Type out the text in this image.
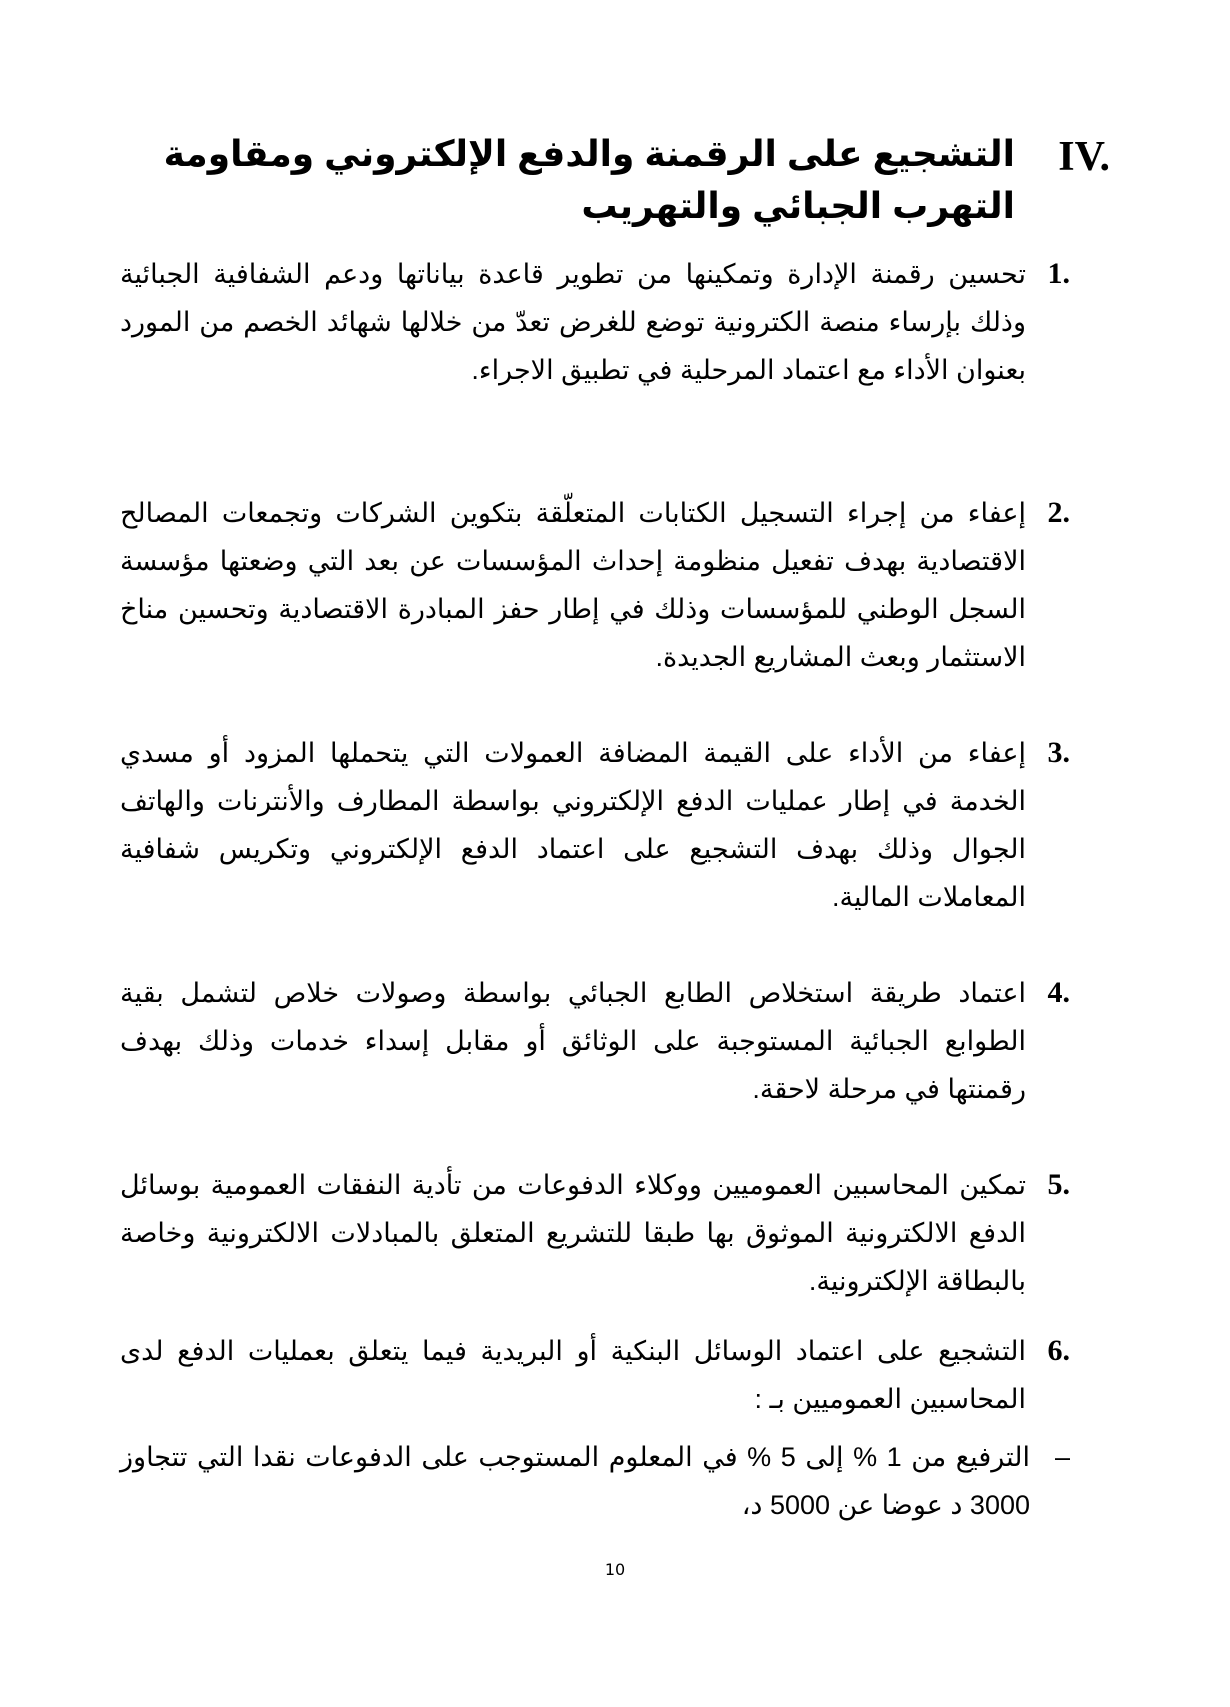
IV.
التشجيع على الرقمنة والدفع الإلكتروني ومقاومة التهرب الجبائي والتهريب
1.
تحسين رقمنة الإدارة وتمكينها من تطوير قاعدة بياناتها ودعم الشفافية الجبائية وذلك بإرساء منصة الكترونية توضع للغرض تعدّ من خلالها شهائد الخصم من المورد بعنوان الأداء مع اعتماد المرحلية في تطبيق الاجراء.
2.
إعفاء من إجراء التسجيل الكتابات المتعلّقة بتكوين الشركات وتجمعات المصالح الاقتصادية بهدف تفعيل منظومة إحداث المؤسسات عن بعد التي وضعتها مؤسسة السجل الوطني للمؤسسات وذلك في إطار حفز المبادرة الاقتصادية وتحسين مناخ الاستثمار وبعث المشاريع الجديدة.
3.
إعفاء من الأداء على القيمة المضافة العمولات التي يتحملها المزود أو مسدي الخدمة في إطار عمليات الدفع الإلكتروني بواسطة المطارف والأنترنات والهاتف الجوال وذلك بهدف التشجيع على اعتماد الدفع الإلكتروني وتكريس شفافية المعاملات المالية.
4.
اعتماد طريقة استخلاص الطابع الجبائي بواسطة وصولات خلاص لتشمل بقية الطوابع الجبائية المستوجبة على الوثائق أو مقابل إسداء خدمات وذلك بهدف رقمنتها في مرحلة لاحقة.
5.
تمكين المحاسبين العموميين ووكلاء الدفوعات من تأدية النفقات العمومية بوسائل الدفع الالكترونية الموثوق بها طبقا للتشريع المتعلق بالمبادلات الالكترونية وخاصة بالبطاقة الإلكترونية.
6.
التشجيع على اعتماد الوسائل البنكية أو البريدية فيما يتعلق بعمليات الدفع لدى المحاسبين العموميين بـ :
–
الترفيع من 1 % إلى 5 % في المعلوم المستوجب على الدفوعات نقدا التي تتجاوز 3000 د عوضا عن 5000 د،
10
